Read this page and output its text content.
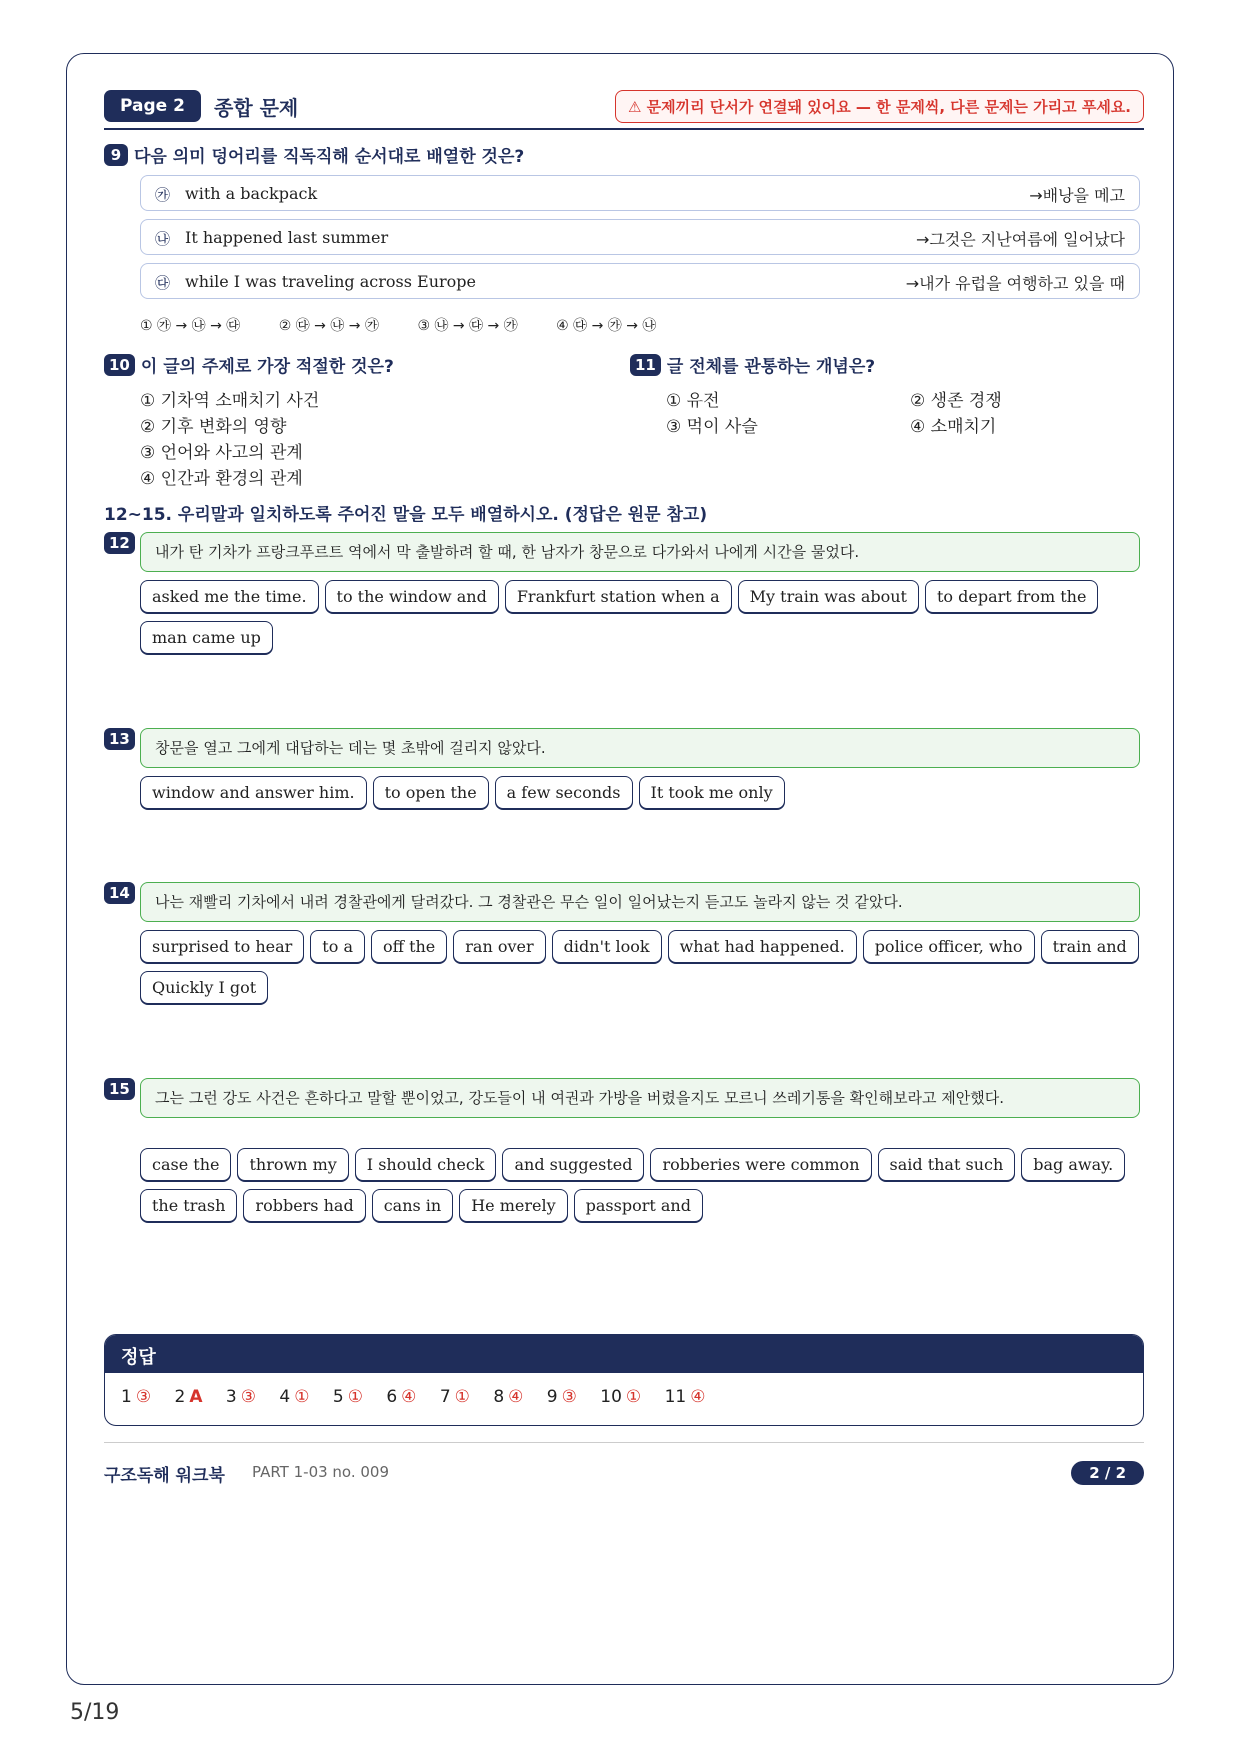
Page 2	종합 문제	⚠ 문제끼리 단서가 연결돼 있어요 — 한 문제씩, 다른 문제는 가리고 푸세요.
9 다음 의미 덩어리를 직독직해 순서대로 배열한 것은?
㉮ with a backpack	→배낭을 메고
㉯ It happened last summer	→그것은 지난여름에 일어났다
㉰ while I was traveling across Europe	→내가 유럽을 여행하고 있을 때
① ㉮ → ㉯ → ㉰	② ㉰ → ㉯ → ㉮	③ ㉯ → ㉰ → ㉮	④ ㉰ → ㉮ → ㉯
10 이 글의 주제로 가장 적절한 것은?
① 기차역 소매치기 사건
② 기후 변화의 영향
③ 언어와 사고의 관계
④ 인간과 환경의 관계
11 글 전체를 관통하는 개념은?
① 유전	② 생존 경쟁
③ 먹이 사슬	④ 소매치기
12~15. 우리말과 일치하도록 주어진 말을 모두 배열하시오. (정답은 원문 참고)
12	내가 탄 기차가 프랑크푸르트 역에서 막 출발하려 할 때, 한 남자가 창문으로 다가와서 나에게 시간을 물었다.
asked me the time. to the window and Frankfurt station when a My train was about to depart from theman came up
13	창문을 열고 그에게 대답하는 데는 몇 초밖에 걸리지 않았다.
window and answer him. to open the a few seconds It took me only
14	나는 재빨리 기차에서 내려 경찰관에게 달려갔다. 그 경찰관은 무슨 일이 일어났는지 듣고도 놀라지 않는 것 같았다.
surprised to hear to a off the ran over didn't look what had happened. police officer, who train andQuickly I got
15	그는 그런 강도 사건은 흔하다고 말할 뿐이었고, 강도들이 내 여권과 가방을 버렸을지도 모르니 쓰레기통을 확인해보라고 제안했다.
case the thrown my I should check and suggested robberies were common said that such bag away.the trash robbers had cans in He merely passport and
정답
1 ③ 2 A 3 ③ 4 ① 5 ① 6 ④ 7 ① 8 ④ 9 ③ 10 ① 11 ④
구조독해 워크북 PART 1-03 no. 009	2 / 2
5/19
